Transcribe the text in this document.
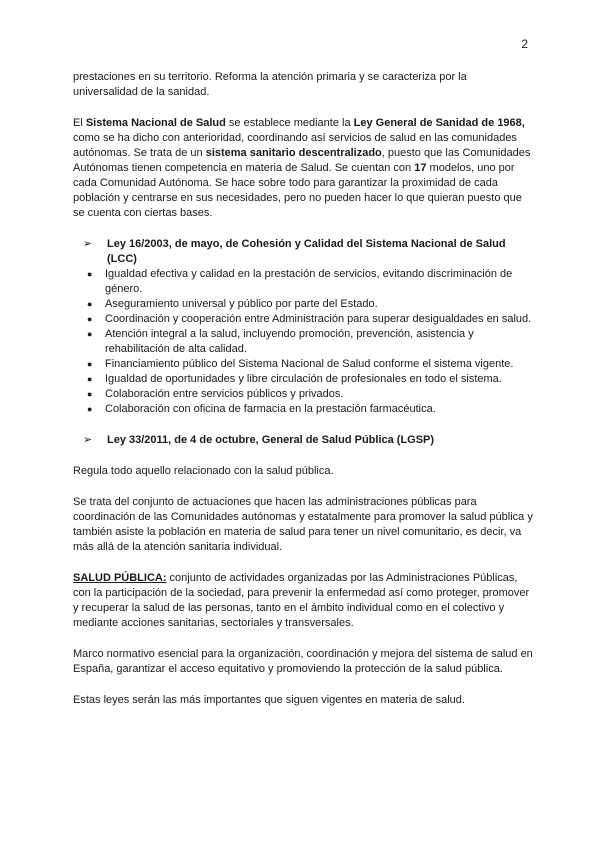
2

prestaciones en su territorio. Reforma la atención primaria y se caracteriza por la universalidad de la sanidad.

El Sistema Nacional de Salud se establece mediante la Ley General de Sanidad de 1968, como se ha dicho con anterioridad, coordinando así servicios de salud en las comunidades autónomas. Se trata de un sistema sanitario descentralizado, puesto que las Comunidades Autónomas tienen competencia en materia de Salud. Se cuentan con 17 modelos, uno por cada Comunidad Autónoma. Se hace sobre todo para garantizar la proximidad de cada población y centrarse en sus necesidades, pero no pueden hacer lo que quieran puesto que se cuenta con ciertas bases.

➢	Ley 16/2003, de mayo, de Cohesión y Calidad del Sistema Nacional de Salud (LCC)
●	Igualdad efectiva y calidad en la prestación de servicios, evitando discriminación de género.
●	Aseguramiento universal y público por parte del Estado.
●	Coordinación y cooperación entre Administración para superar desigualdades en salud.
●	Atención integral a la salud, incluyendo promoción, prevención, asistencia y rehabilitación de alta calidad.
●	Financiamiento público del Sistema Nacional de Salud conforme el sistema vigente.
●	Igualdad de oportunidades y libre circulación de profesionales en todo el sistema.
●	Colaboración entre servicios públicos y privados.
●	Colaboración con oficina de farmacia en la prestación farmacéutica.
➢	Ley 33/2011, de 4 de octubre, General de Salud Pública (LGSP)

Regula todo aquello relacionado con la salud pública.

Se trata del conjunto de actuaciones que hacen las administraciones públicas para coordinación de las Comunidades autónomas y estatalmente para promover la salud pública y también asiste la población en materia de salud para tener un nivel comunitario, es decir, va más allá de la atención sanitaria individual.

SALUD PÚBLICA: conjunto de actividades organizadas por las Administraciones Públicas, con la participación de la sociedad, para prevenir la enfermedad así como proteger, promover y recuperar la salud de las personas, tanto en el ámbito individual como en el colectivo y mediante acciones sanitarias, sectoriales y transversales.

Marco normativo esencial para la organización, coordinación y mejora del sistema de salud en España, garantizar el acceso equitativo y promoviendo la protección de la salud pública.

Estas leyes serán las más importantes que siguen vigentes en materia de salud.
